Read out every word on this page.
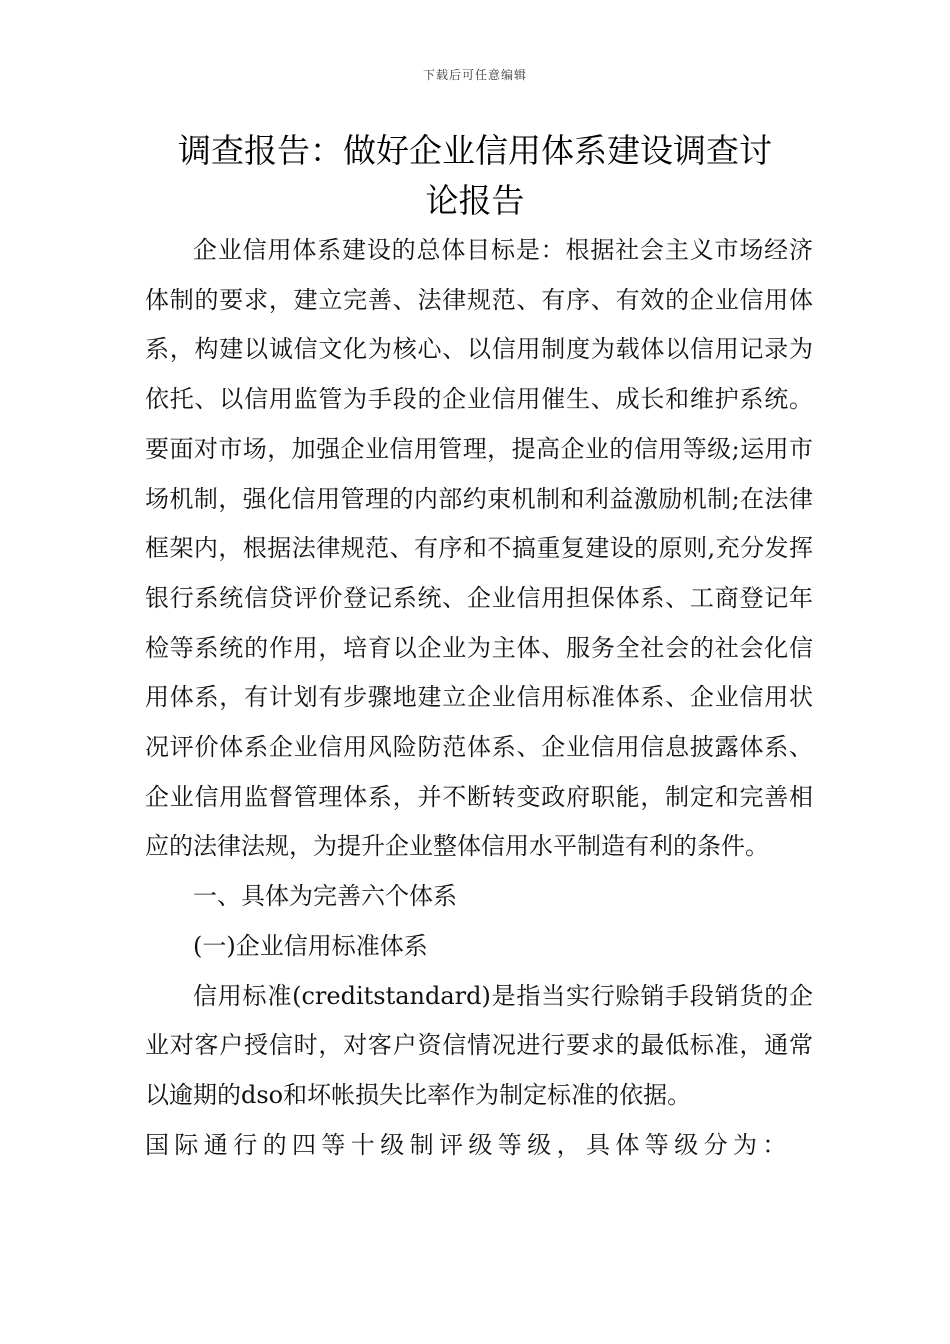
下载后可任意编辑
调查报告：做好企业信用体系建设调查讨
论报告

企业信用体系建设的总体目标是：根据社会主义市场经济体制的要求，建立完善、法律规范、有序、有效的企业信用体系，构建以诚信文化为核心、以信用制度为载体以信用记录为依托、以信用监管为手段的企业信用催生、成长和维护系统。要面对市场，加强企业信用管理，提高企业的信用等级;运用市场机制，强化信用管理的内部约束机制和利益激励机制;在法律框架内，根据法律规范、有序和不搞重复建设的原则,充分发挥银行系统信贷评价登记系统、企业信用担保体系、工商登记年检等系统的作用，培育以企业为主体、服务全社会的社会化信用体系，有计划有步骤地建立企业信用标准体系、企业信用状况评价体系企业信用风险防范体系、企业信用信息披露体系、企业信用监督管理体系，并不断转变政府职能，制定和完善相应的法律法规，为提升企业整体信用水平制造有利的条件。

一、具体为完善六个体系

(一)企业信用标准体系

信用标准(creditstandard)是指当实行赊销手段销货的企业对客户授信时，对客户资信情况进行要求的最低标准，通常以逾期的dso和坏帐损失比率作为制定标准的依据。

国际通行的四等十级制评级等级，具体等级分为：
